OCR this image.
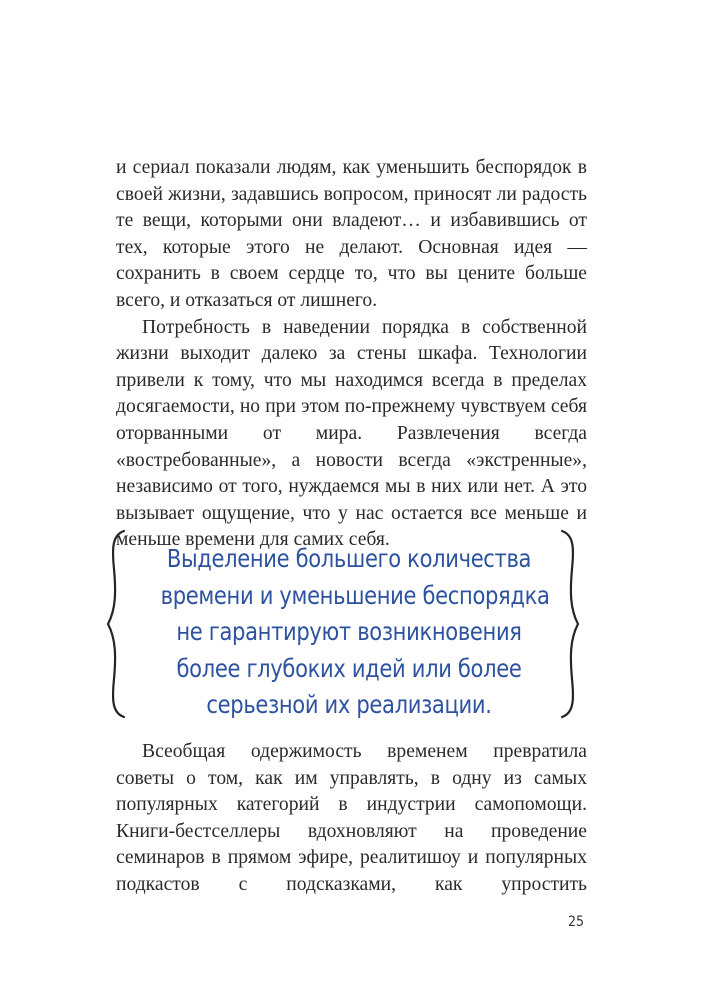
и сериал показали людям, как уменьшить беспорядок в своей жизни, задавшись вопросом, приносят ли радость те вещи, которыми они владеют… и избавившись от тех, которые этого не делают. Основная идея — сохранить в своем сердце то, что вы цените больше всего, и отказаться от лишнего.

Потребность в наведении порядка в собственной жизни выходит далеко за стены шкафа. Технологии привели к тому, что мы находимся всегда в пределах досягаемости, но при этом по-прежнему чувствуем себя оторванными от мира. Развлечения всегда «востребованные», а новости всегда «экстренные», независимо от того, нуждаемся мы в них или нет. А это вызывает ощущение, что у нас остается все меньше и меньше времени для самих себя.

Выделение большего количества
времени и уменьшение беспорядка
не гарантируют возникновения
более глубоких идей или более
серьезной их реализации.

Всеобщая одержимость временем превратила советы о том, как им управлять, в одну из самых популярных категорий в индустрии самопомощи. Книги-бестселлеры вдохновляют на проведение семинаров в прямом эфире, реалитишоу и популярных подкастов с подсказками, как упростить

25
